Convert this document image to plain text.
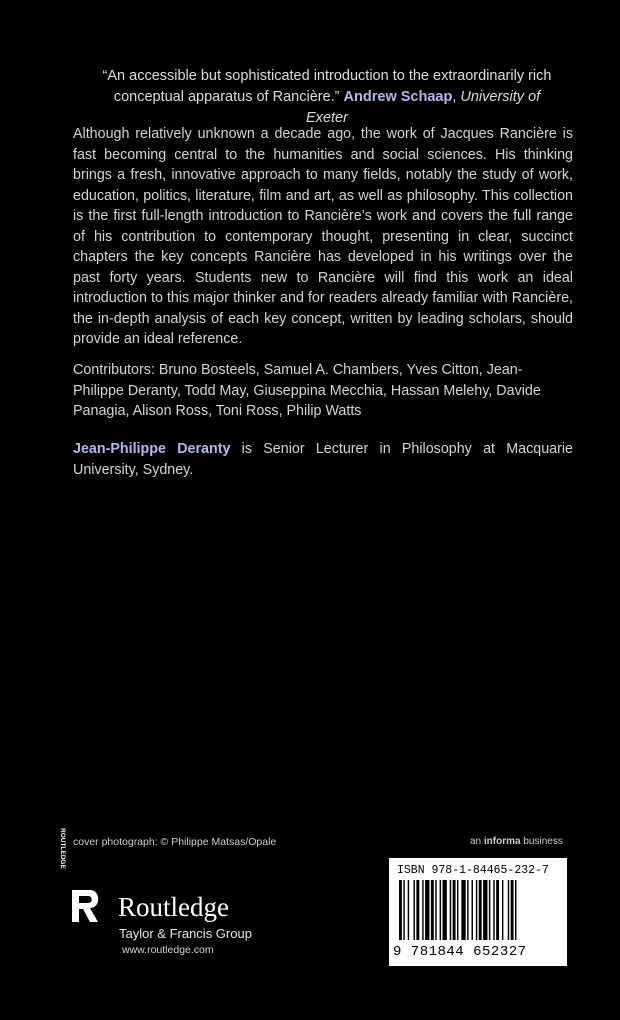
“An accessible but sophisticated introduction to the extraordinarily rich conceptual apparatus of Rancière.” Andrew Schaap, University of Exeter
Although relatively unknown a decade ago, the work of Jacques Rancière is fast becoming central to the humanities and social sciences. His thinking brings a fresh, innovative approach to many fields, notably the study of work, education, politics, literature, film and art, as well as philosophy. This collection is the first full-length introduction to Rancière’s work and covers the full range of his contribution to contemporary thought, presenting in clear, succinct chapters the key concepts Rancière has developed in his writings over the past forty years. Students new to Rancière will find this work an ideal introduction to this major thinker and for readers already familiar with Rancière, the in-depth analysis of each key concept, written by leading scholars, should provide an ideal reference.
Contributors: Bruno Bosteels, Samuel A. Chambers, Yves Citton, Jean-Philippe Deranty, Todd May, Giuseppina Mecchia, Hassan Melehy, Davide Panagia, Alison Ross, Toni Ross, Philip Watts
Jean-Philippe Deranty is Senior Lecturer in Philosophy at Macquarie University, Sydney.
cover photograph: © Philippe Matsas/Opale	an informa business
ROUTLEDGE
Routledge
Taylor & Francis Group
www.routledge.com
ISBN 978-1-84465-232-7
9 781844 652327
